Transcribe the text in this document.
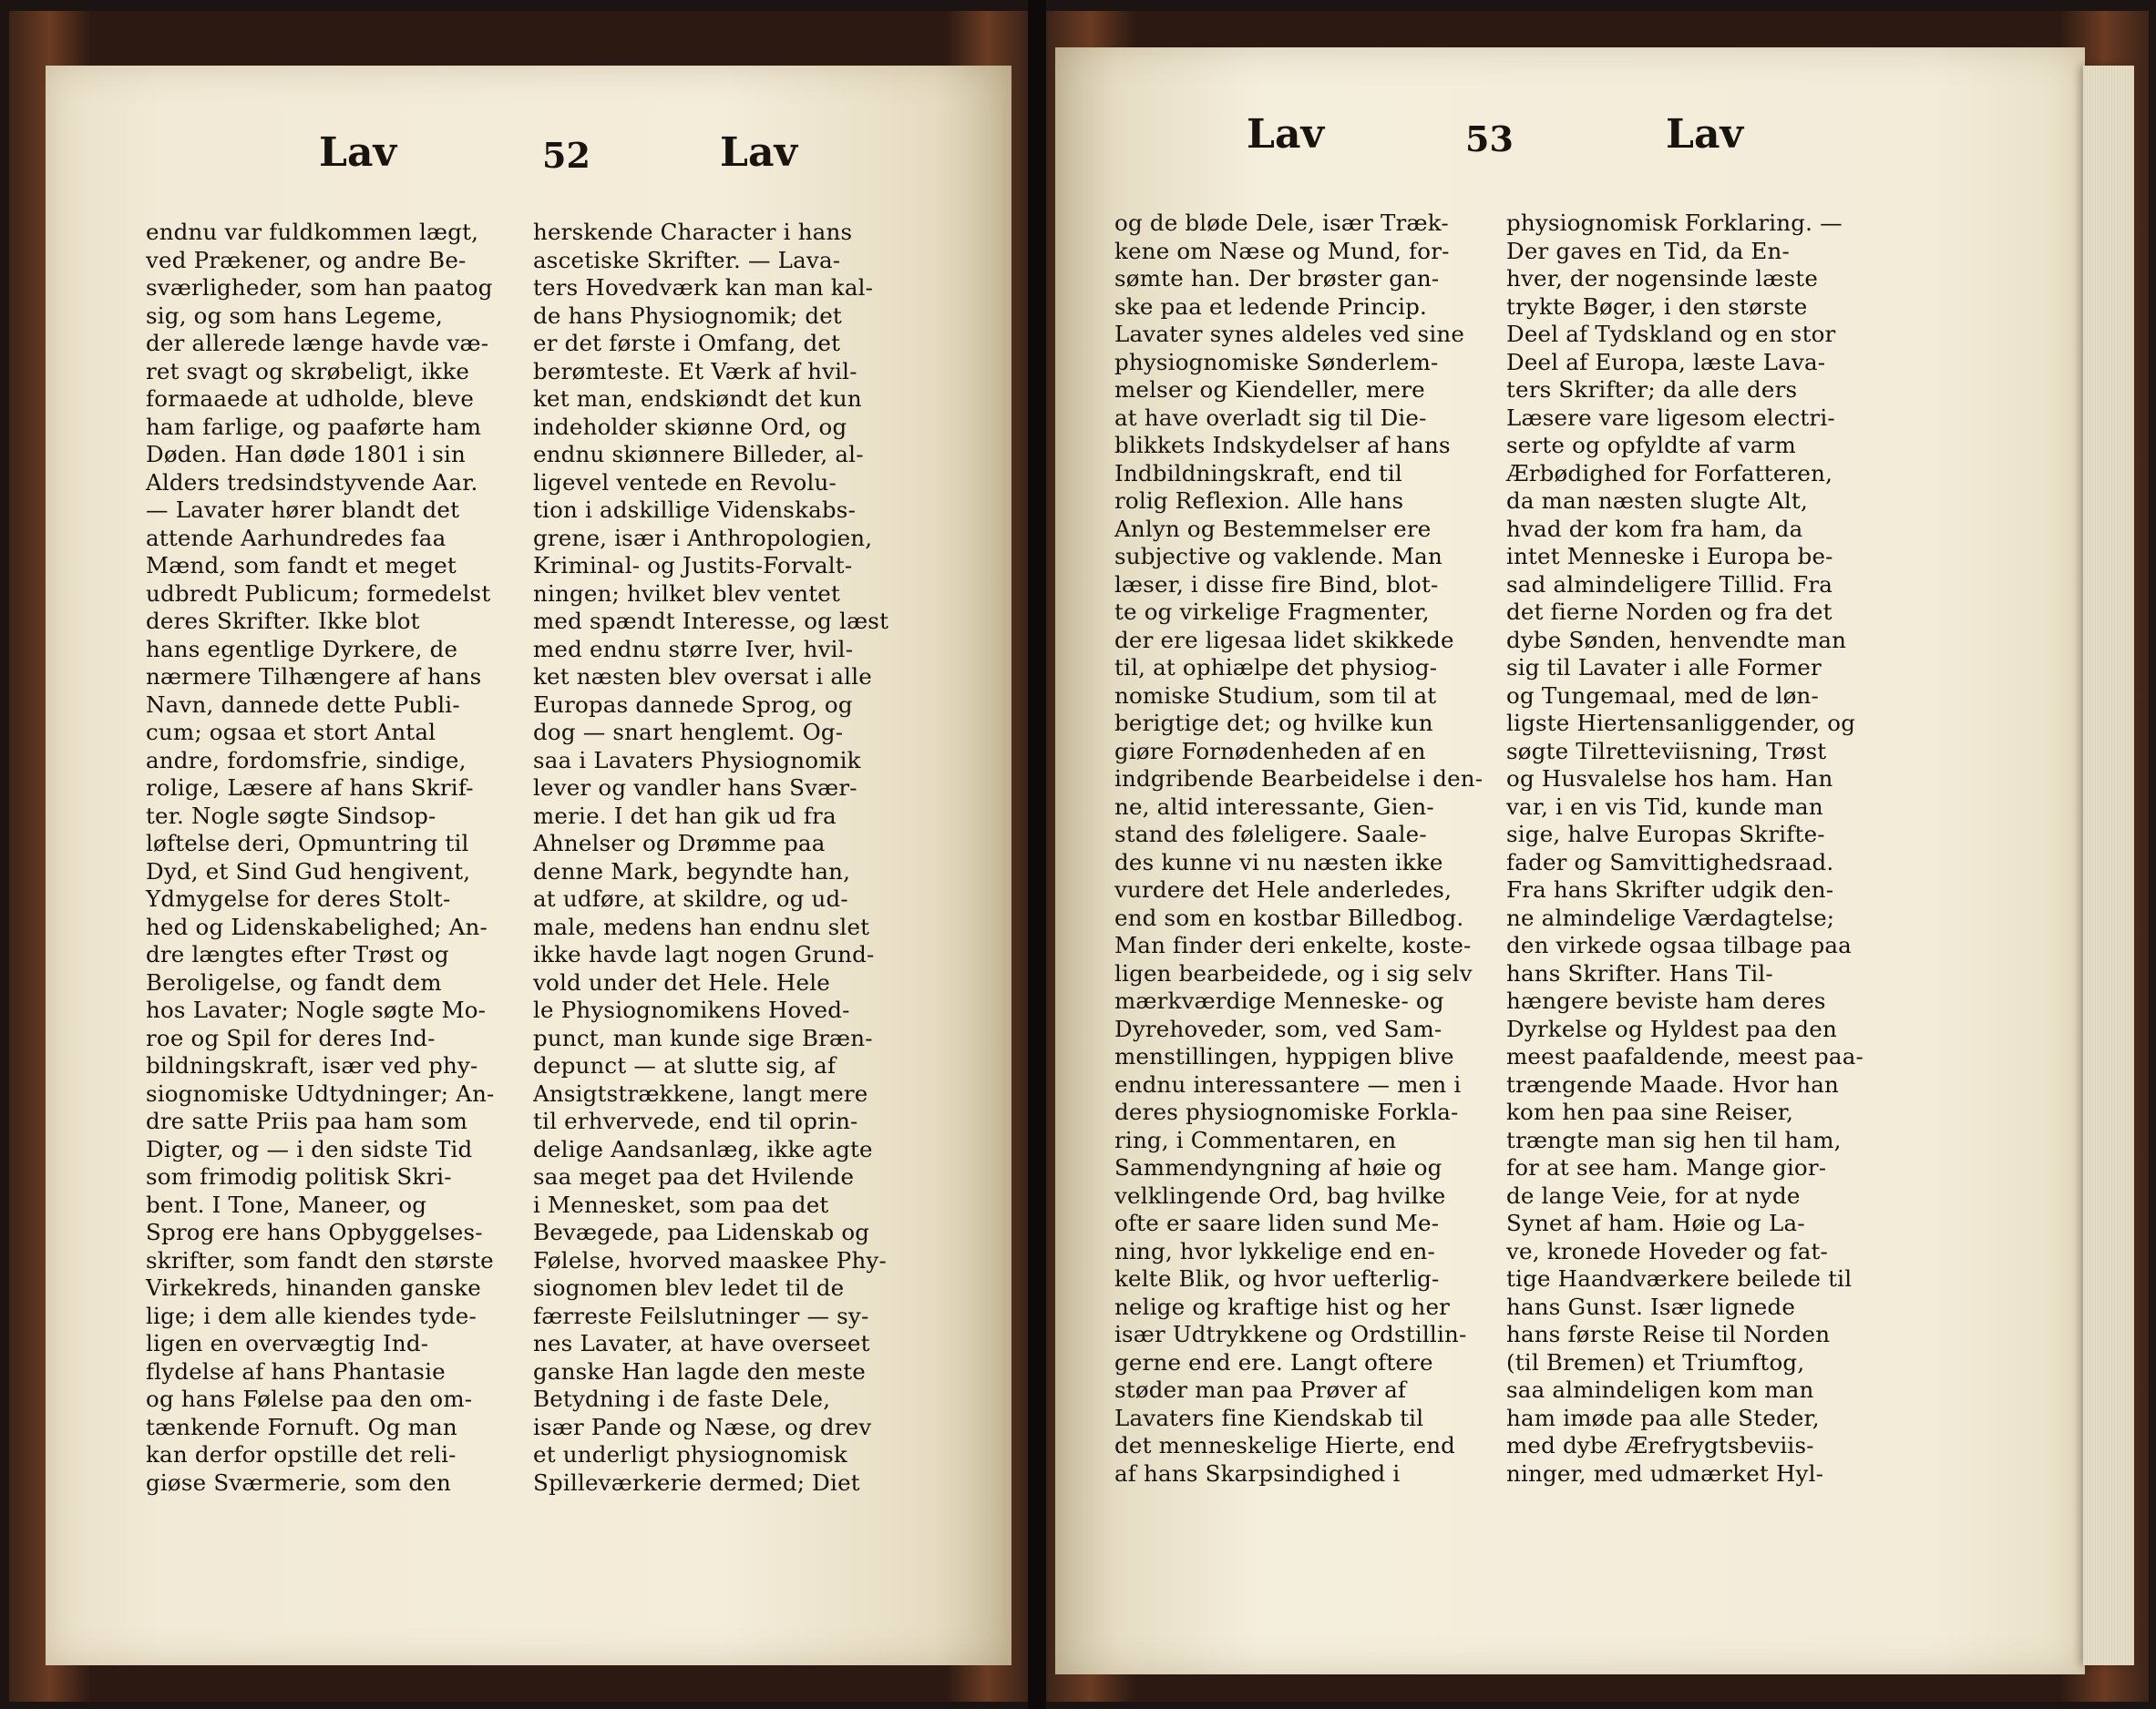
Lav	52	Lav
endnu var fuldkommen lægt,
ved Prækener, og andre Be-
sværligheder, som han paatog
sig, og som hans Legeme,
der allerede længe havde væ-
ret svagt og skrøbeligt, ikke
formaaede at udholde, bleve
ham farlige, og paaførte ham
Døden. Han døde 1801 i sin
Alders tredsindstyvende Aar.
— Lavater hører blandt det
attende Aarhundredes faa
Mænd, som fandt et meget
udbredt Publicum; formedelst
deres Skrifter. Ikke blot
hans egentlige Dyrkere, de
nærmere Tilhængere af hans
Navn, dannede dette Publi-
cum; ogsaa et stort Antal
andre, fordomsfrie, sindige,
rolige, Læsere af hans Skrif-
ter. Nogle søgte Sindsop-
løftelse deri, Opmuntring til
Dyd, et Sind Gud hengivent,
Ydmygelse for deres Stolt-
hed og Lidenskabelighed; An-
dre længtes efter Trøst og
Beroligelse, og fandt dem
hos Lavater; Nogle søgte Mo-
roe og Spil for deres Ind-
bildningskraft, især ved phy-
siognomiske Udtydninger; An-
dre satte Priis paa ham som
Digter, og — i den sidste Tid
som frimodig politisk Skri-
bent. I Tone, Maneer, og
Sprog ere hans Opbyggelses-
skrifter, som fandt den største
Virkekreds, hinanden ganske
lige; i dem alle kiendes tyde-
ligen en overvægtig Ind-
flydelse af hans Phantasie
og hans Følelse paa den om-
tænkende Fornuft. Og man
kan derfor opstille det reli-
giøse Sværmerie, som den
herskende Character i hans
ascetiske Skrifter. — Lava-
ters Hovedværk kan man kal-
de hans Physiognomik; det
er det første i Omfang, det
berømteste. Et Værk af hvil-
ket man, endskiøndt det kun
indeholder skiønne Ord, og
endnu skiønnere Billeder, al-
ligevel ventede en Revolu-
tion i adskillige Videnskabs-
grene, især i Anthropologien,
Kriminal- og Justits-Forvalt-
ningen; hvilket blev ventet
med spændt Interesse, og læst
med endnu større Iver, hvil-
ket næsten blev oversat i alle
Europas dannede Sprog, og
dog — snart henglemt. Og-
saa i Lavaters Physiognomik
lever og vandler hans Svær-
merie. I det han gik ud fra
Ahnelser og Drømme paa
denne Mark, begyndte han,
at udføre, at skildre, og ud-
male, medens han endnu slet
ikke havde lagt nogen Grund-
vold under det Hele. Hele
le Physiognomikens Hoved-
punct, man kunde sige Bræn-
depunct — at slutte sig, af
Ansigtstrækkene, langt mere
til erhvervede, end til oprin-
delige Aandsanlæg, ikke agte
saa meget paa det Hvilende
i Mennesket, som paa det
Bevægede, paa Lidenskab og
Følelse, hvorved maaskee Phy-
siognomen blev ledet til de
færreste Feilslutninger — sy-
nes Lavater, at have overseet
ganske Han lagde den meste
Betydning i de faste Dele,
især Pande og Næse, og drev
et underligt physiognomisk
Spilleværkerie dermed; Diet
Lav	53	Lav
og de bløde Dele, især Træk-
kene om Næse og Mund, for-
sømte han. Der brøster gan-
ske paa et ledende Princip.
Lavater synes aldeles ved sine
physiognomiske Sønderlem-
melser og Kiendeller, mere
at have overladt sig til Die-
blikkets Indskydelser af hans
Indbildningskraft, end til
rolig Reflexion. Alle hans
Anlyn og Bestemmelser ere
subjective og vaklende. Man
læser, i disse fire Bind, blot-
te og virkelige Fragmenter,
der ere ligesaa lidet skikkede
til, at ophiælpe det physiog-
nomiske Studium, som til at
berigtige det; og hvilke kun
giøre Fornødenheden af en
indgribende Bearbeidelse i den-
ne, altid interessante, Gien-
stand des føleligere. Saale-
des kunne vi nu næsten ikke
vurdere det Hele anderledes,
end som en kostbar Billedbog.
Man finder deri enkelte, koste-
ligen bearbeidede, og i sig selv
mærkværdige Menneske- og
Dyrehoveder, som, ved Sam-
menstillingen, hyppigen blive
endnu interessantere — men i
deres physiognomiske Forkla-
ring, i Commentaren, en
Sammendyngning af høie og
velklingende Ord, bag hvilke
ofte er saare liden sund Me-
ning, hvor lykkelige end en-
kelte Blik, og hvor uefterlig-
nelige og kraftige hist og her
især Udtrykkene og Ordstillin-
gerne end ere. Langt oftere
støder man paa Prøver af
Lavaters fine Kiendskab til
det menneskelige Hierte, end
af hans Skarpsindighed i
physiognomisk Forklaring. —
Der gaves en Tid, da En-
hver, der nogensinde læste
trykte Bøger, i den største
Deel af Tydskland og en stor
Deel af Europa, læste Lava-
ters Skrifter; da alle ders
Læsere vare ligesom electri-
serte og opfyldte af varm
Ærbødighed for Forfatteren,
da man næsten slugte Alt,
hvad der kom fra ham, da
intet Menneske i Europa be-
sad almindeligere Tillid. Fra
det fierne Norden og fra det
dybe Sønden, henvendte man
sig til Lavater i alle Former
og Tungemaal, med de løn-
ligste Hiertensanliggender, og
søgte Tilretteviisning, Trøst
og Husvalelse hos ham. Han
var, i en vis Tid, kunde man
sige, halve Europas Skrifte-
fader og Samvittighedsraad.
Fra hans Skrifter udgik den-
ne almindelige Værdagtelse;
den virkede ogsaa tilbage paa
hans Skrifter. Hans Til-
hængere beviste ham deres
Dyrkelse og Hyldest paa den
meest paafaldende, meest paa-
trængende Maade. Hvor han
kom hen paa sine Reiser,
trængte man sig hen til ham,
for at see ham. Mange gior-
de lange Veie, for at nyde
Synet af ham. Høie og La-
ve, kronede Hoveder og fat-
tige Haandværkere beilede til
hans Gunst. Især lignede
hans første Reise til Norden
(til Bremen) et Triumftog,
saa almindeligen kom man
ham imøde paa alle Steder,
med dybe Ærefrygtsbeviis-
ninger, med udmærket Hyl-
